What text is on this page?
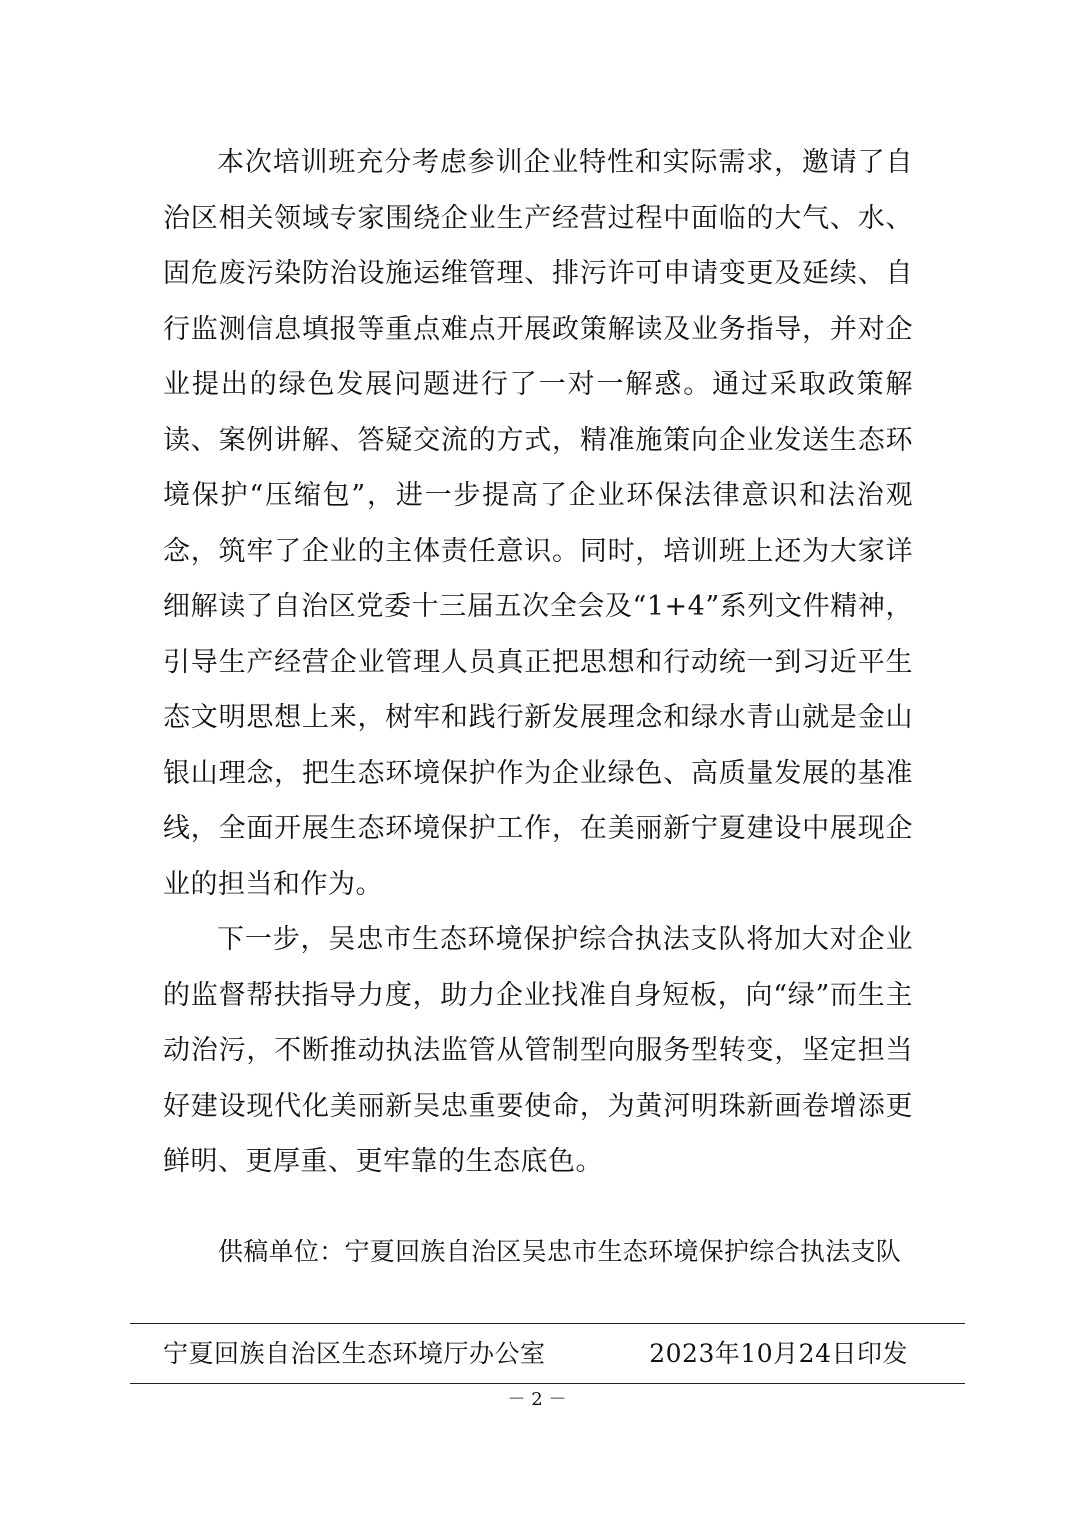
本次培训班充分考虑参训企业特性和实际需求，邀请了自治区相关领域专家围绕企业生产经营过程中面临的大气、水、固危废污染防治设施运维管理、排污许可申请变更及延续、自行监测信息填报等重点难点开展政策解读及业务指导，并对企业提出的绿色发展问题进行了一对一解惑。通过采取政策解读、案例讲解、答疑交流的方式，精准施策向企业发送生态环境保护“压缩包”，进一步提高了企业环保法律意识和法治观念，筑牢了企业的主体责任意识。同时，培训班上还为大家详细解读了自治区党委十三届五次全会及“1+4”系列文件精神，引导生产经营企业管理人员真正把思想和行动统一到习近平生态文明思想上来，树牢和践行新发展理念和绿水青山就是金山银山理念，把生态环境保护作为企业绿色、高质量发展的基准线，全面开展生态环境保护工作，在美丽新宁夏建设中展现企业的担当和作为。

下一步，吴忠市生态环境保护综合执法支队将加大对企业的监督帮扶指导力度，助力企业找准自身短板，向“绿”而生主动治污，不断推动执法监管从管制型向服务型转变，坚定担当好建设现代化美丽新吴忠重要使命，为黄河明珠新画卷增添更鲜明、更厚重、更牢靠的生态底色。

供稿单位：宁夏回族自治区吴忠市生态环境保护综合执法支队
宁夏回族自治区生态环境厅办公室	2023年10月24日印发
－ 2 －
